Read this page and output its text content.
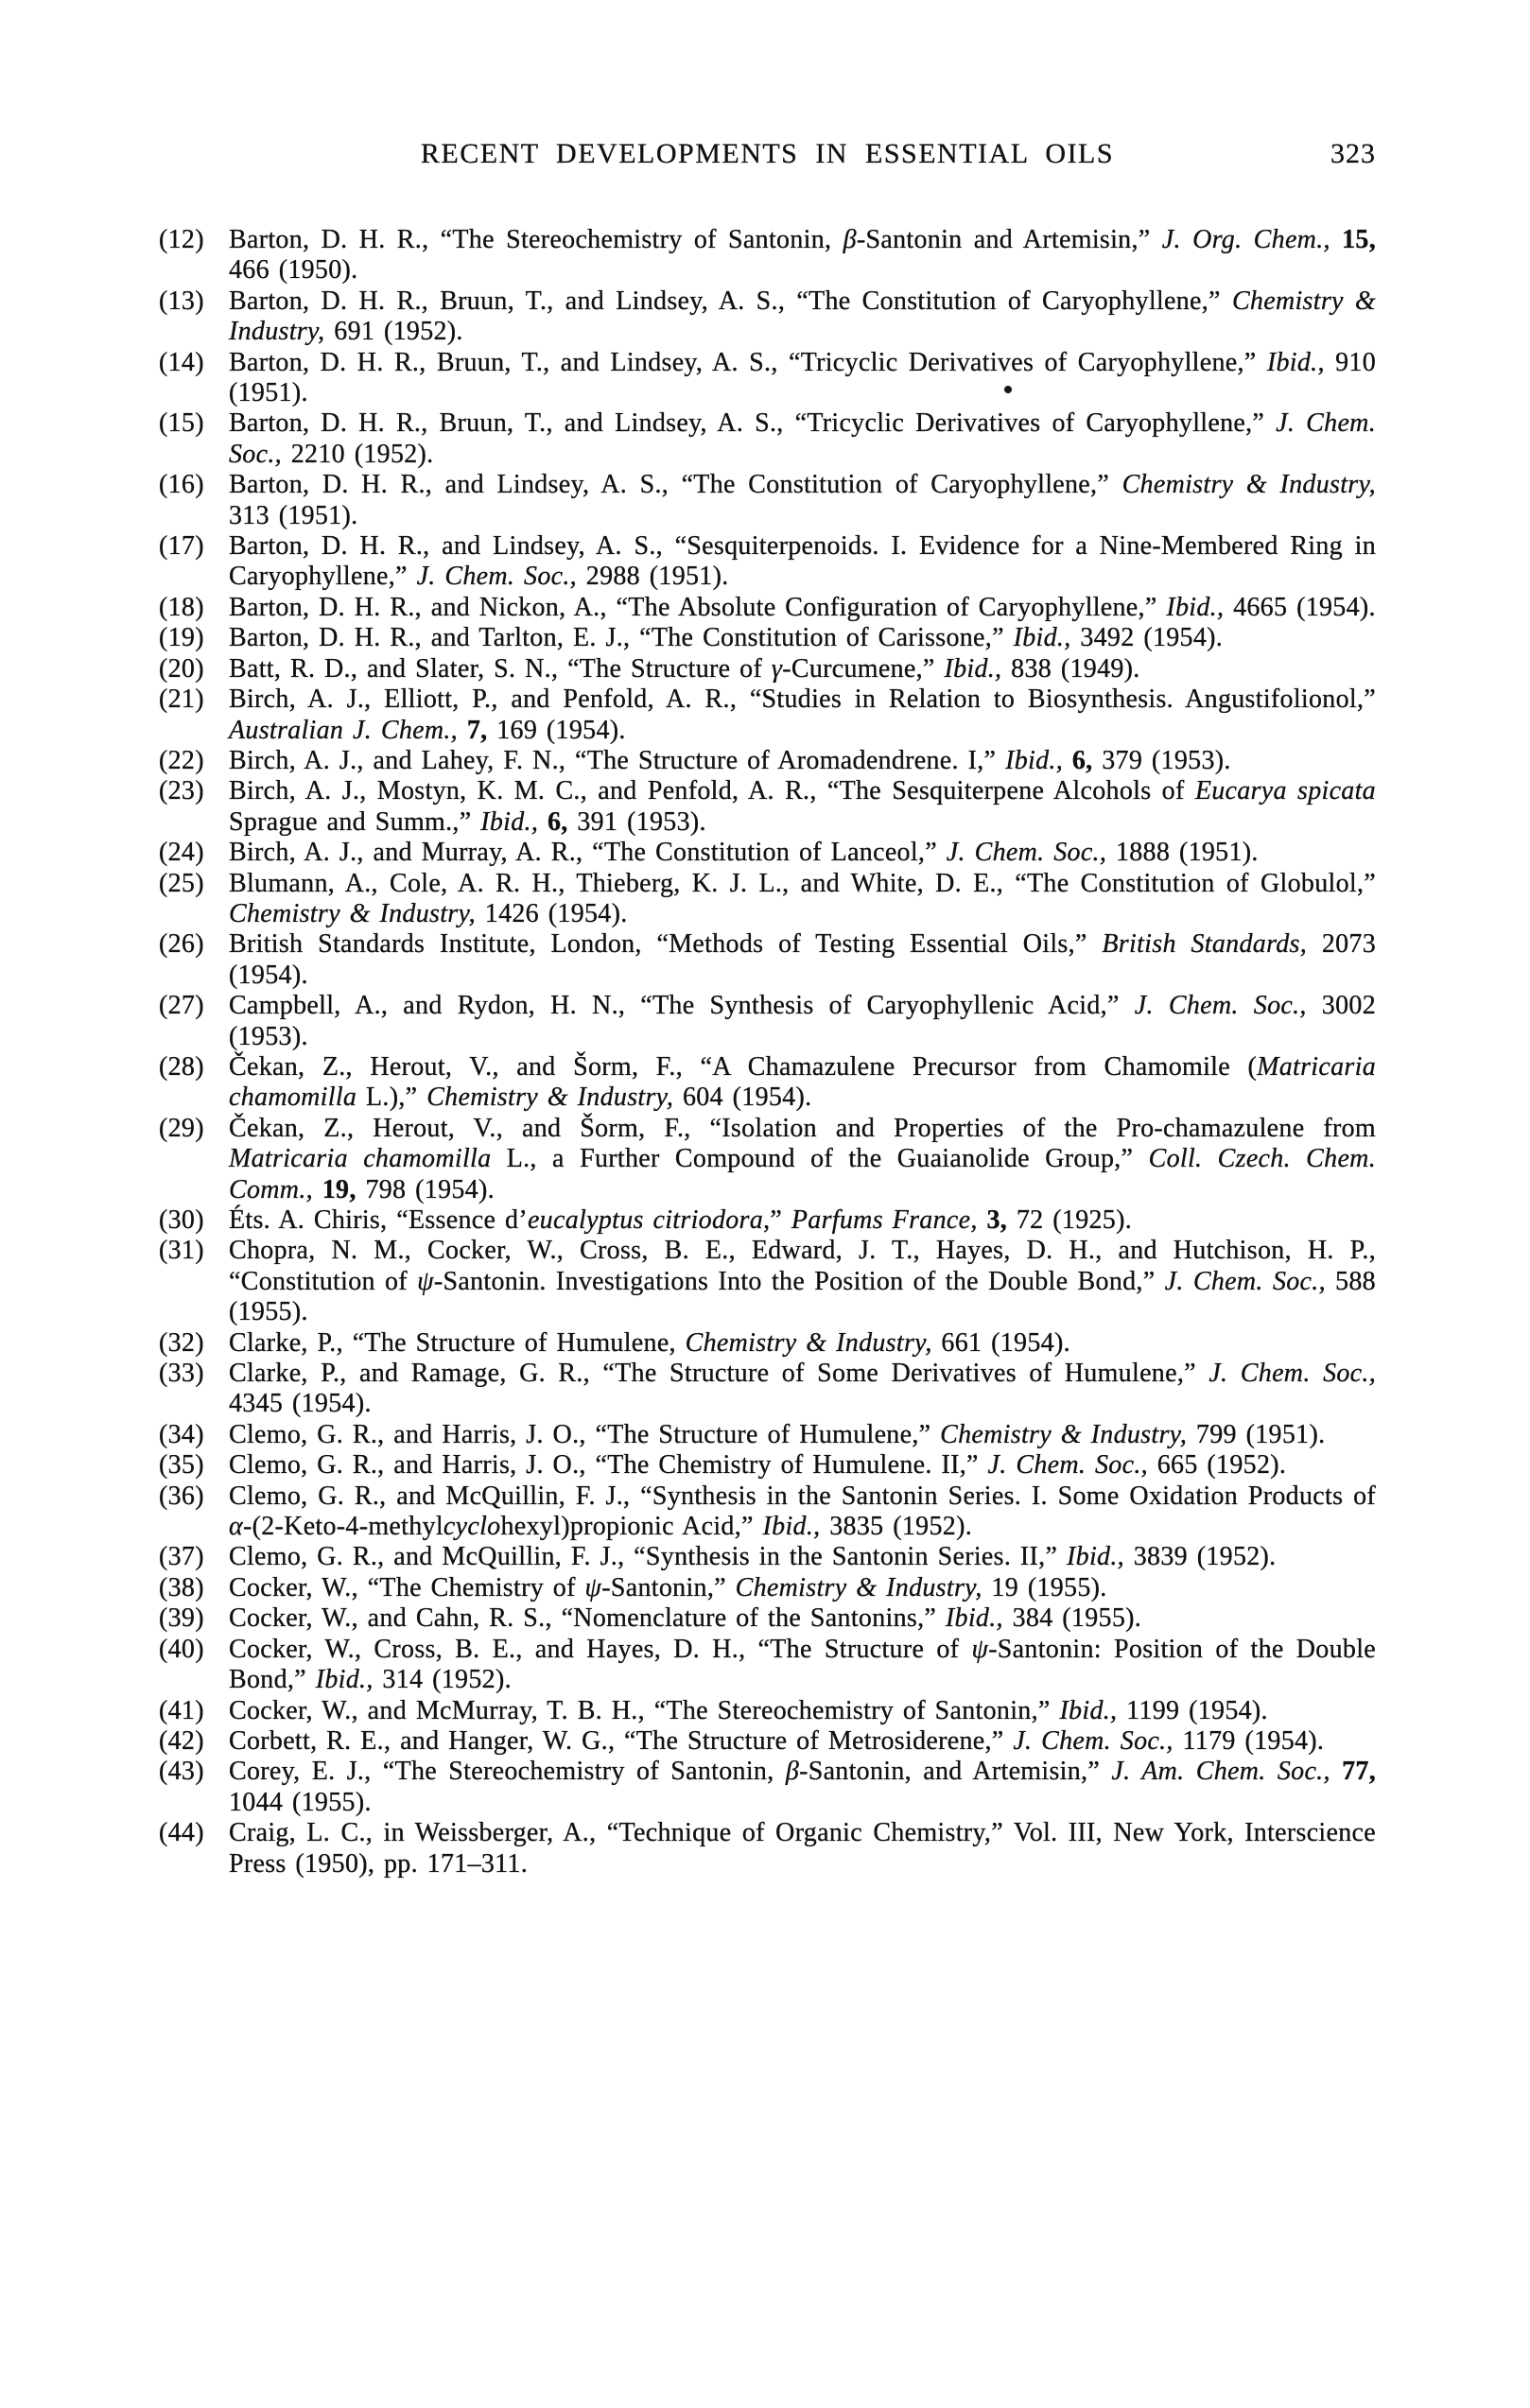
RECENT DEVELOPMENTS IN ESSENTIAL OILS	323

(12) Barton, D. H. R., “The Stereochemistry of Santonin, β-Santonin and Artemisin,” J. Org. Chem., 15, 466 (1950).

(13) Barton, D. H. R., Bruun, T., and Lindsey, A. S., “The Constitution of Caryophyllene,” Chemistry & Industry, 691 (1952).

(14) Barton, D. H. R., Bruun, T., and Lindsey, A. S., “Tricyclic Derivatives of Caryophyllene,” Ibid., 910 (1951).

(15) Barton, D. H. R., Bruun, T., and Lindsey, A. S., “Tricyclic Derivatives of Caryophyllene,” J. Chem. Soc., 2210 (1952).

(16) Barton, D. H. R., and Lindsey, A. S., “The Constitution of Caryophyllene,” Chemistry & Industry, 313 (1951).

(17) Barton, D. H. R., and Lindsey, A. S., “Sesquiterpenoids. I. Evidence for a Nine-Membered Ring in Caryophyllene,” J. Chem. Soc., 2988 (1951).

(18) Barton, D. H. R., and Nickon, A., “The Absolute Configuration of Caryophyllene,” Ibid., 4665 (1954).

(19) Barton, D. H. R., and Tarlton, E. J., “The Constitution of Carissone,” Ibid., 3492 (1954).

(20) Batt, R. D., and Slater, S. N., “The Structure of γ-Curcumene,” Ibid., 838 (1949).

(21) Birch, A. J., Elliott, P., and Penfold, A. R., “Studies in Relation to Biosynthesis. Angustifolionol,” Australian J. Chem., 7, 169 (1954).

(22) Birch, A. J., and Lahey, F. N., “The Structure of Aromadendrene. I,” Ibid., 6, 379 (1953).

(23) Birch, A. J., Mostyn, K. M. C., and Penfold, A. R., “The Sesquiterpene Alcohols of Eucarya spicata Sprague and Summ.,” Ibid., 6, 391 (1953).

(24) Birch, A. J., and Murray, A. R., “The Constitution of Lanceol,” J. Chem. Soc., 1888 (1951).

(25) Blumann, A., Cole, A. R. H., Thieberg, K. J. L., and White, D. E., “The Constitution of Globulol,” Chemistry & Industry, 1426 (1954).

(26) British Standards Institute, London, “Methods of Testing Essential Oils,” British Standards, 2073 (1954).

(27) Campbell, A., and Rydon, H. N., “The Synthesis of Caryophyllenic Acid,” J. Chem. Soc., 3002 (1953).

(28) Čekan, Z., Herout, V., and Šorm, F., “A Chamazulene Precursor from Chamomile (Matricaria chamomilla L.),” Chemistry & Industry, 604 (1954).

(29) Čekan, Z., Herout, V., and Šorm, F., “Isolation and Properties of the Pro-chamazulene from Matricaria chamomilla L., a Further Compound of the Guaianolide Group,” Coll. Czech. Chem. Comm., 19, 798 (1954).

(30) Éts. A. Chiris, “Essence d’eucalyptus citriodora,” Parfums France, 3, 72 (1925).

(31) Chopra, N. M., Cocker, W., Cross, B. E., Edward, J. T., Hayes, D. H., and Hutchison, H. P., “Constitution of ψ-Santonin. Investigations Into the Position of the Double Bond,” J. Chem. Soc., 588 (1955).

(32) Clarke, P., “The Structure of Humulene, Chemistry & Industry, 661 (1954).

(33) Clarke, P., and Ramage, G. R., “The Structure of Some Derivatives of Humulene,” J. Chem. Soc., 4345 (1954).

(34) Clemo, G. R., and Harris, J. O., “The Structure of Humulene,” Chemistry & Industry, 799 (1951).

(35) Clemo, G. R., and Harris, J. O., “The Chemistry of Humulene. II,” J. Chem. Soc., 665 (1952).

(36) Clemo, G. R., and McQuillin, F. J., “Synthesis in the Santonin Series. I. Some Oxidation Products of α-(2-Keto-4-methylcyclohexyl)propionic Acid,” Ibid., 3835 (1952).

(37) Clemo, G. R., and McQuillin, F. J., “Synthesis in the Santonin Series. II,” Ibid., 3839 (1952).

(38) Cocker, W., “The Chemistry of ψ-Santonin,” Chemistry & Industry, 19 (1955).

(39) Cocker, W., and Cahn, R. S., “Nomenclature of the Santonins,” Ibid., 384 (1955).

(40) Cocker, W., Cross, B. E., and Hayes, D. H., “The Structure of ψ-Santonin: Position of the Double Bond,” Ibid., 314 (1952).

(41) Cocker, W., and McMurray, T. B. H., “The Stereochemistry of Santonin,” Ibid., 1199 (1954).

(42) Corbett, R. E., and Hanger, W. G., “The Structure of Metrosiderene,” J. Chem. Soc., 1179 (1954).

(43) Corey, E. J., “The Stereochemistry of Santonin, β-Santonin, and Artemisin,” J. Am. Chem. Soc., 77, 1044 (1955).

(44) Craig, L. C., in Weissberger, A., “Technique of Organic Chemistry,” Vol. III, New York, Interscience Press (1950), pp. 171–311.
